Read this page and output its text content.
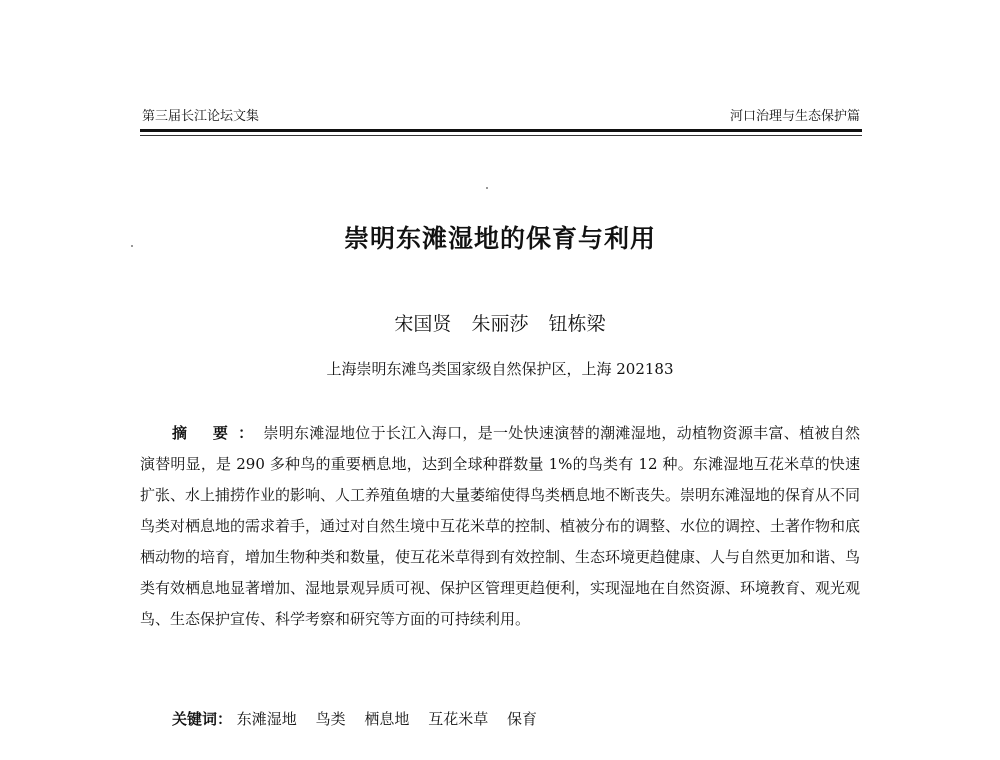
第三届长江论坛文集	河口治理与生态保护篇
崇明东滩湿地的保育与利用
宋国贤 朱丽莎 钮栋梁
上海崇明东滩鸟类国家级自然保护区，上海 202183

摘 要：崇明东滩湿地位于长江入海口，是一处快速演替的潮滩湿地，动植物资源丰富、植被自然演替明显，是 290 多种鸟的重要栖息地，达到全球种群数量 1%的鸟类有 12 种。东滩湿地互花米草的快速扩张、水上捕捞作业的影响、人工养殖鱼塘的大量萎缩使得鸟类栖息地不断丧失。崇明东滩湿地的保育从不同鸟类对栖息地的需求着手，通过对自然生境中互花米草的控制、植被分布的调整、水位的调控、土著作物和底栖动物的培育，增加生物种类和数量，使互花米草得到有效控制、生态环境更趋健康、人与自然更加和谐、鸟类有效栖息地显著增加、湿地景观异质可视、保护区管理更趋便利，实现湿地在自然资源、环境教育、观光观鸟、生态保护宣传、科学考察和研究等方面的可持续利用。

关键词： 东滩湿地 鸟类 栖息地 互花米草 保育
